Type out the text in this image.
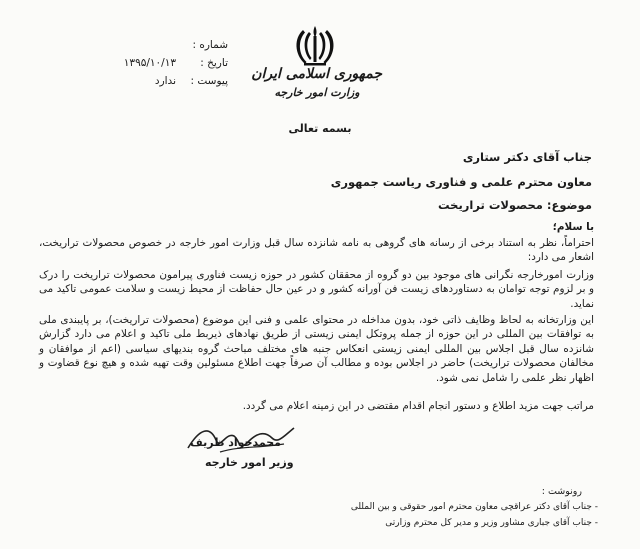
شماره :
تاریخ :
۱۳۹۵/۱۰/۱۳
پیوست :
ندارد	جمهوری اسلامی ایران
وزارت امور خارجه
بسمه تعالی
جناب آقای دکتر ستاری
معاون محترم علمی و فناوری ریاست جمهوری
موضوع: محصولات تراریخت
با سلام؛
احتراماً، نظر به استناد برخی از رسانه های گروهی به نامه شانزده سال قبل وزارت امور خارجه در خصوص محصولات تراریخت، اشعار می دارد:
وزارت امورخارجه نگرانی های موجود بین دو گروه از محققان کشور در حوزه زیست فناوری پیرامون محصولات تراریخت را درک و بر لزوم توجه توامان به دستاوردهای زیست فن آورانه کشور و در عین حال حفاظت از محیط زیست و سلامت عمومی تاکید می نماید.
این وزارتخانه به لحاظ وظایف ذاتی خود، بدون مداخله در محتوای علمی و فنی این موضوع (محصولات تراریخت)، بر پایبندی ملی به توافقات بین المللی در این حوزه از جمله پروتکل ایمنی زیستی از طریق نهادهای ذیربط ملی تاکید و اعلام می دارد گزارش شانزده سال قبل اجلاس بین المللی ایمنی زیستی انعکاس جنبه های مختلف مباحث گروه بندیهای سیاسی (اعم از موافقان و مخالفان محصولات تراریخت) حاضر در اجلاس بوده و مطالب آن صرفاً جهت اطلاع مسئولین وقت تهیه شده و هیچ نوع قضاوت و اظهار نظر علمی را شامل نمی شود.
مراتب جهت مزید اطلاع و دستور انجام اقدام مقتضی در این زمینه اعلام می گردد.
محمدجواد ظریف
وزیر امور خارجه
رونوشت :
- جناب آقای دکتر عراقچی معاون محترم امور حقوقی و بین المللی
- جناب آقای جباری مشاور وزیر و مدیر کل محترم وزارتی
